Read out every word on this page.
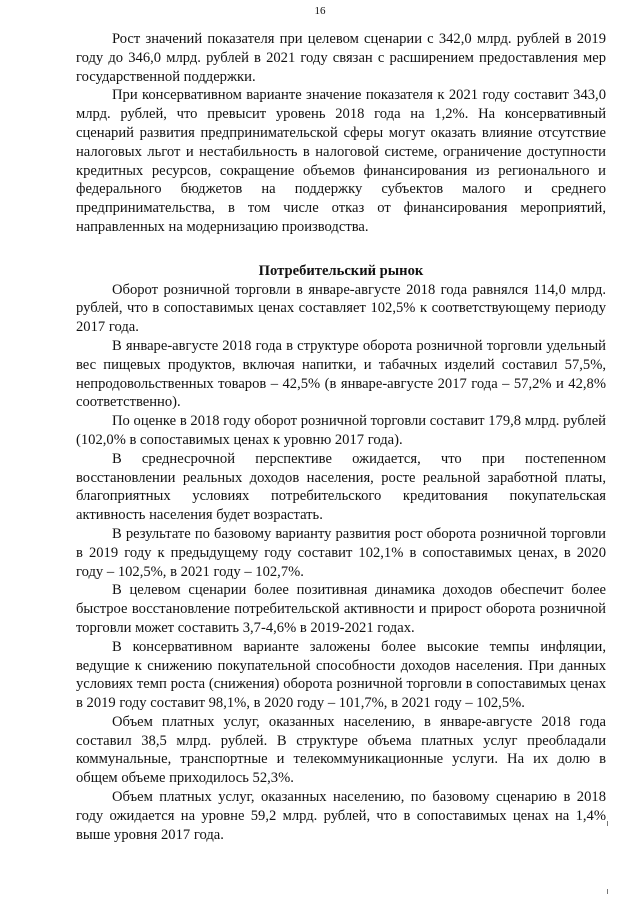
16

Рост значений показателя при целевом сценарии с 342,0 млрд. рублей в 2019 году до 346,0 млрд. рублей в 2021 году связан с расширением предоставления мер государственной поддержки.

При консервативном варианте значение показателя к 2021 году составит 343,0 млрд. рублей, что превысит уровень 2018 года на 1,2%. На консервативный сценарий развития предпринимательской сферы могут оказать влияние отсутствие налоговых льгот и нестабильность в налоговой системе, ограничение доступности кредитных ресурсов, сокращение объемов финансирования из регионального и федерального бюджетов на поддержку субъектов малого и среднего предпринимательства, в том числе отказ от финансирования мероприятий, направленных на модернизацию производства.

Потребительский рынок

Оборот розничной торговли в январе-августе 2018 года равнялся 114,0 млрд. рублей, что в сопоставимых ценах составляет 102,5% к соответствующему периоду 2017 года.

В январе-августе 2018 года в структуре оборота розничной торговли удельный вес пищевых продуктов, включая напитки, и табачных изделий составил 57,5%, непродовольственных товаров – 42,5% (в январе-августе 2017 года – 57,2% и 42,8% соответственно).

По оценке в 2018 году оборот розничной торговли составит 179,8 млрд. рублей (102,0% в сопоставимых ценах к уровню 2017 года).

В среднесрочной перспективе ожидается, что при постепенном восстановлении реальных доходов населения, росте реальной заработной платы, благоприятных условиях потребительского кредитования покупательская активность населения будет возрастать.

В результате по базовому варианту развития рост оборота розничной торговли в 2019 году к предыдущему году составит 102,1% в сопоставимых ценах, в 2020 году – 102,5%, в 2021 году – 102,7%.

В целевом сценарии более позитивная динамика доходов обеспечит более быстрое восстановление потребительской активности и прирост оборота розничной торговли может составить 3,7-4,6% в 2019-2021 годах.

В консервативном варианте заложены более высокие темпы инфляции, ведущие к снижению покупательной способности доходов населения. При данных условиях темп роста (снижения) оборота розничной торговли в сопоставимых ценах в 2019 году составит 98,1%, в 2020 году – 101,7%, в 2021 году – 102,5%.

Объем платных услуг, оказанных населению, в январе-августе 2018 года составил 38,5 млрд. рублей. В структуре объема платных услуг преобладали коммунальные, транспортные и телекоммуникационные услуги. На их долю в общем объеме приходилось 52,3%.

Объем платных услуг, оказанных населению, по базовому сценарию в 2018 году ожидается на уровне 59,2 млрд. рублей, что в сопоставимых ценах на 1,4% выше уровня 2017 года.
